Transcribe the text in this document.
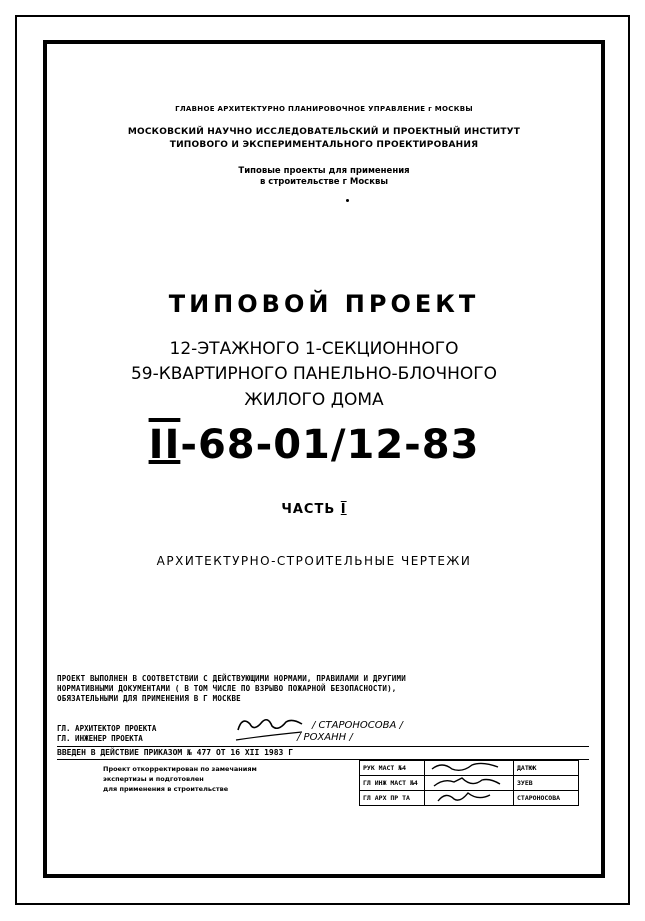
ГЛАВНОЕ АРХИТЕКТУРНО ПЛАНИРОВОЧНОЕ УПРАВЛЕНИЕ г МОСКВЫ
МОСКОВСКИЙ НАУЧНО ИССЛЕДОВАТЕЛЬСКИЙ И ПРОЕКТНЫЙ ИНСТИТУТ
ТИПОВОГО И ЭКСПЕРИМЕНТАЛЬНОГО ПРОЕКТИРОВАНИЯ
Типовые проекты для применения
в строительстве г Москвы
ТИПОВОЙ ПРОЕКТ
12-ЭТАЖНОГО 1-СЕКЦИОННОГО
59-КВАРТИРНОГО ПАНЕЛЬНО-БЛОЧНОГО
ЖИЛОГО ДОМА
II-68-01/12-83
ЧАСТЬ I
АРХИТЕКТУРНО-СТРОИТЕЛЬНЫЕ ЧЕРТЕЖИ
ПРОЕКТ ВЫПОЛНЕН В СООТВЕТСТВИИ С ДЕЙСТВУЮЩИМИ НОРМАМИ, ПРАВИЛАМИ И ДРУГИМИ
НОРМАТИВНЫМИ ДОКУМЕНТАМИ ( В ТОМ ЧИСЛЕ ПО ВЗРЫВО ПОЖАРНОЙ БЕЗОПАСНОСТИ),
ОБЯЗАТЕЛЬНЫМИ ДЛЯ ПРИМЕНЕНИЯ В Г МОСКВЕ
ГЛ. АРХИТЕКТОР ПРОЕКТА
ГЛ. ИНЖЕНЕР ПРОЕКТА
/ СТАРОНОСОВА /
/ РОХАНН /
ВВЕДЕН В ДЕЙСТВИЕ ПРИКАЗОМ № 477 ОТ 16 ХII 1983 Г
Проект откорректирован по замечаниям
экспертизы и подготовлен
для применения в строительстве
РУК МАСТ №4		ДАТЮК
ГЛ ИНЖ МАСТ №4		ЗУЕВ
ГЛ АРХ ПР ТА		СТАРОНОСОВА
